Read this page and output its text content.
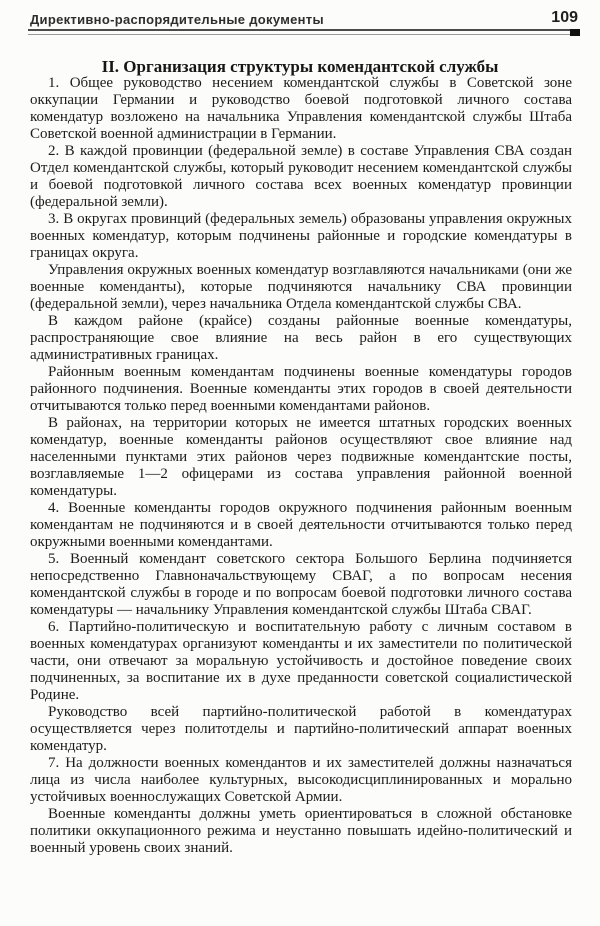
Директивно-распорядительные документы	109
II. Организация структуры комендантской службы

1. Общее руководство несением комендантской службы в Советской зоне оккупации Германии и руководство боевой подготовкой личного состава комендатур возложено на начальника Управления комендантской службы Штаба Советской военной администрации в Германии.

2. В каждой провинции (федеральной земле) в составе Управления СВА создан Отдел комендантской службы, который руководит несением комендантской службы и боевой подготовкой личного состава всех военных комендатур провинции (федеральной земли).

3. В округах провинций (федеральных земель) образованы управления окружных военных комендатур, которым подчинены районные и городские комендатуры в границах округа.

Управления окружных военных комендатур возглавляются начальниками (они же военные коменданты), которые подчиняются начальнику СВА провинции (федеральной земли), через начальника Отдела комендантской службы СВА.

В каждом районе (крайсе) созданы районные военные комендатуры, распространяющие свое влияние на весь район в его существующих административных границах.

Районным военным комендантам подчинены военные комендатуры городов районного подчинения. Военные коменданты этих городов в своей деятельности отчитываются только перед военными комендантами районов.

В районах, на территории которых не имеется штатных городских военных комендатур, военные коменданты районов осуществляют свое влияние над населенными пунктами этих районов через подвижные комендантские посты, возглавляемые 1—2 офицерами из состава управления районной военной комендатуры.

4. Военные коменданты городов окружного подчинения районным военным комендантам не подчиняются и в своей деятельности отчитываются только перед окружными военными комендантами.

5. Военный комендант советского сектора Большого Берлина подчиняется непосредственно Главноначальствующему СВАГ, а по вопросам несения комендантской службы в городе и по вопросам боевой подготовки личного состава комендатуры — начальнику Управления комендантской службы Штаба СВАГ.

6. Партийно-политическую и воспитательную работу с личным составом в военных комендатурах организуют коменданты и их заместители по политической части, они отвечают за моральную устойчивость и достойное поведение своих подчиненных, за воспитание их в духе преданности советской социалистической Родине.

Руководство всей партийно-политической работой в комендатурах осуществляется через политотделы и партийно-политический аппарат военных комендатур.

7. На должности военных комендантов и их заместителей должны назначаться лица из числа наиболее культурных, высокодисциплинированных и морально устойчивых военнослужащих Советской Армии.

Военные коменданты должны уметь ориентироваться в сложной обстановке политики оккупационного режима и неустанно повышать идейно-политический и военный уровень своих знаний.
